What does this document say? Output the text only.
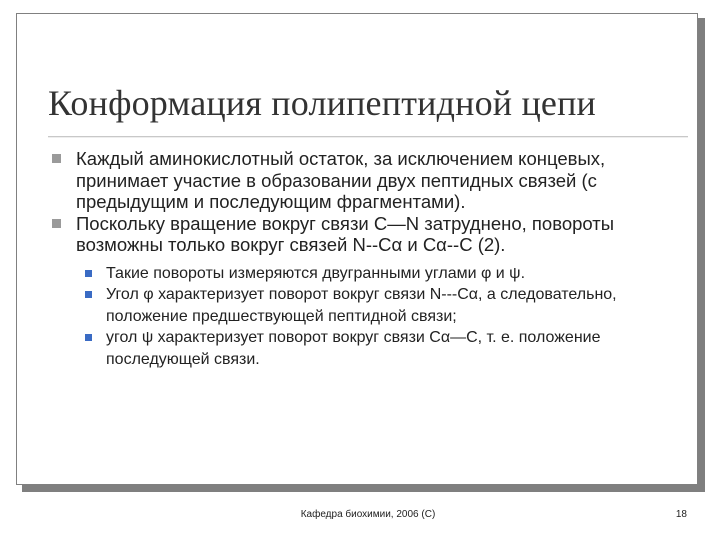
Конформация полипептидной цепи
Каждый аминокислотный остаток, за исключением концевых, принимает участие в образовании двух пептидных связей (с предыдущим и последующим фрагментами).
Поскольку вращение вокруг связи С—N затруднено, повороты возможны только вокруг связей N--Cα и Cα--C (2).
Такие повороты измеряются двугранными углами φ и ψ.
Угол φ характеризует поворот вокруг связи N---Cα, а следовательно, положение предшествующей пептидной связи;
угол ψ характеризует поворот вокруг связи Cα—C, т. е. положение последующей связи.
Кафедра биохимии, 2006 (С)	18
